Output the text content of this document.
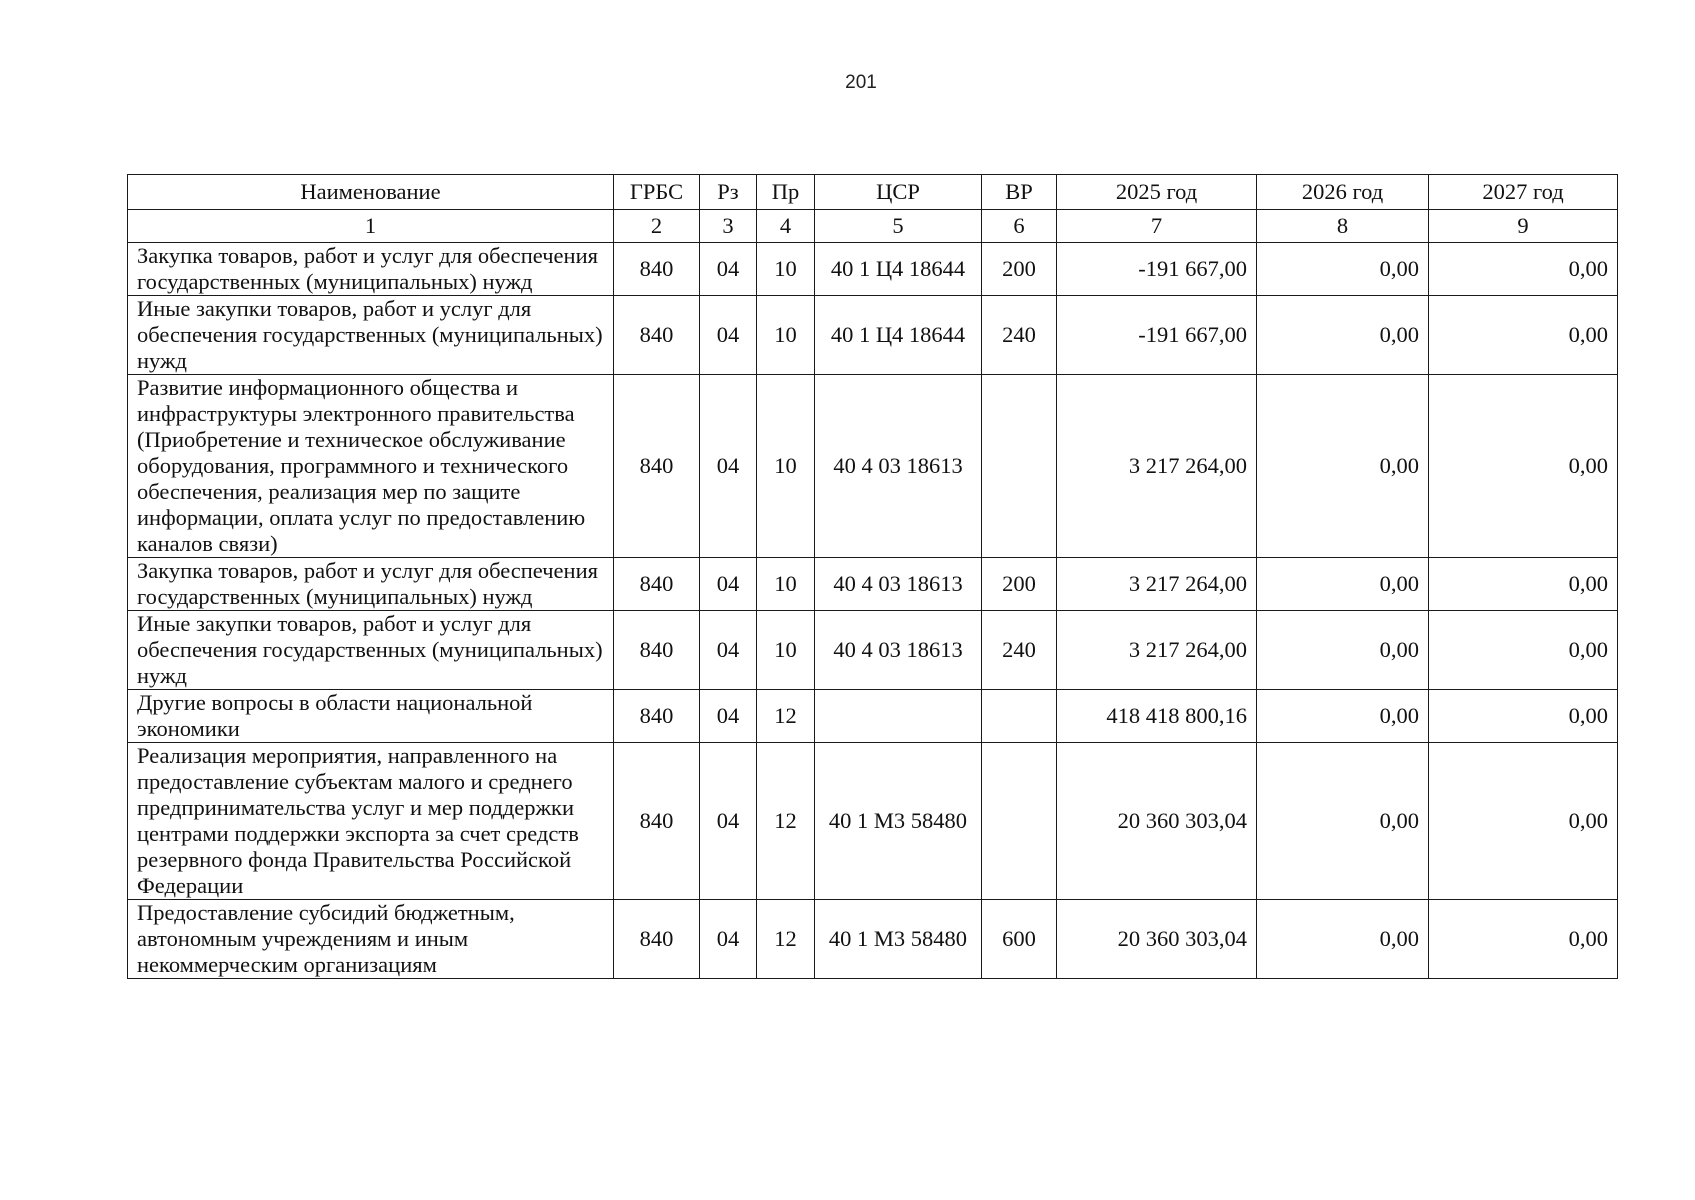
201
Наименование	ГРБС	Рз	Пр	ЦСР	ВР	2025 год	2026 год	2027 год
1	2	3	4	5	6	7	8	9
Закупка товаров, работ и услуг для обеспечения государственных (муниципальных) нужд	840	04	10	40 1 Ц4 18644	200	-191 667,00	0,00	0,00
Иные закупки товаров, работ и услуг для обеспечения государственных (муниципальных) нужд	840	04	10	40 1 Ц4 18644	240	-191 667,00	0,00	0,00
Развитие информационного общества и инфраструктуры электронного правительства (Приобретение и техническое обслуживание оборудования, программного и технического обеспечения, реализация мер по защите информации, оплата услуг по предоставлению каналов связи)	840	04	10	40 4 03 18613		3 217 264,00	0,00	0,00
Закупка товаров, работ и услуг для обеспечения государственных (муниципальных) нужд	840	04	10	40 4 03 18613	200	3 217 264,00	0,00	0,00
Иные закупки товаров, работ и услуг для обеспечения государственных (муниципальных) нужд	840	04	10	40 4 03 18613	240	3 217 264,00	0,00	0,00
Другие вопросы в области национальной экономики	840	04	12			418 418 800,16	0,00	0,00
Реализация мероприятия, направленного на предоставление субъектам малого и среднего предпринимательства услуг и мер поддержки центрами поддержки экспорта за счет средств резервного фонда Правительства Российской Федерации	840	04	12	40 1 М3 58480		20 360 303,04	0,00	0,00
Предоставление субсидий бюджетным, автономным учреждениям и иным некоммерческим организациям	840	04	12	40 1 М3 58480	600	20 360 303,04	0,00	0,00
